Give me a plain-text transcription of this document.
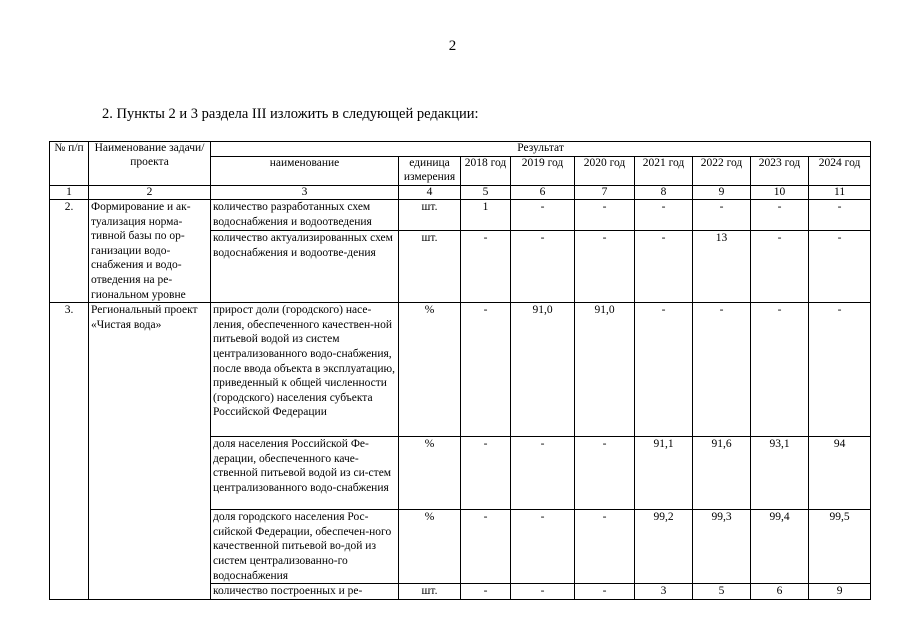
2
2. Пункты 2 и 3 раздела III изложить в следующей редакции:
№ п/п	Наименование задачи/проекта	Результат								
		наименование	единица измерения	2018 год	2019 год	2020 год	2021 год	2022 год	2023 год	2024 год
1	2	3	4	5	6	7	8	9	10	11
2.	Формирование и ак-туализация норма-тивной базы по ор-ганизации водо-снабжения и водо-отведения на ре-гиональном уровне	количество разработанных схем водоснабжения и водоотведения	шт.	1	-	-	-	-	-	-
		количество актуализированных схем водоснабжения и водоотве-дения	шт.	-	-	-	-	13	-	-
3.	Региональный проект «Чистая вода»	прирост доли (городского) насе-ления, обеспеченного качествен-ной питьевой водой из систем централизованного водо-снабжения, после ввода объекта в эксплуатацию, приведенный к общей численности (городского) населения субъекта Российской Федерации	%	-	91,0	91,0	-	-	-	-
		доля населения Российской Фе-дерации, обеспеченного каче-ственной питьевой водой из си-стем централизованного водо-снабжения	%	-	-	-	91,1	91,6	93,1	94
		доля городского населения Рос-сийской Федерации, обеспечен-ного качественной питьевой во-дой из систем централизованно-го водоснабжения	%	-	-	-	99,2	99,3	99,4	99,5
		количество построенных и ре-	шт.	-	-	-	3	5	6	9
